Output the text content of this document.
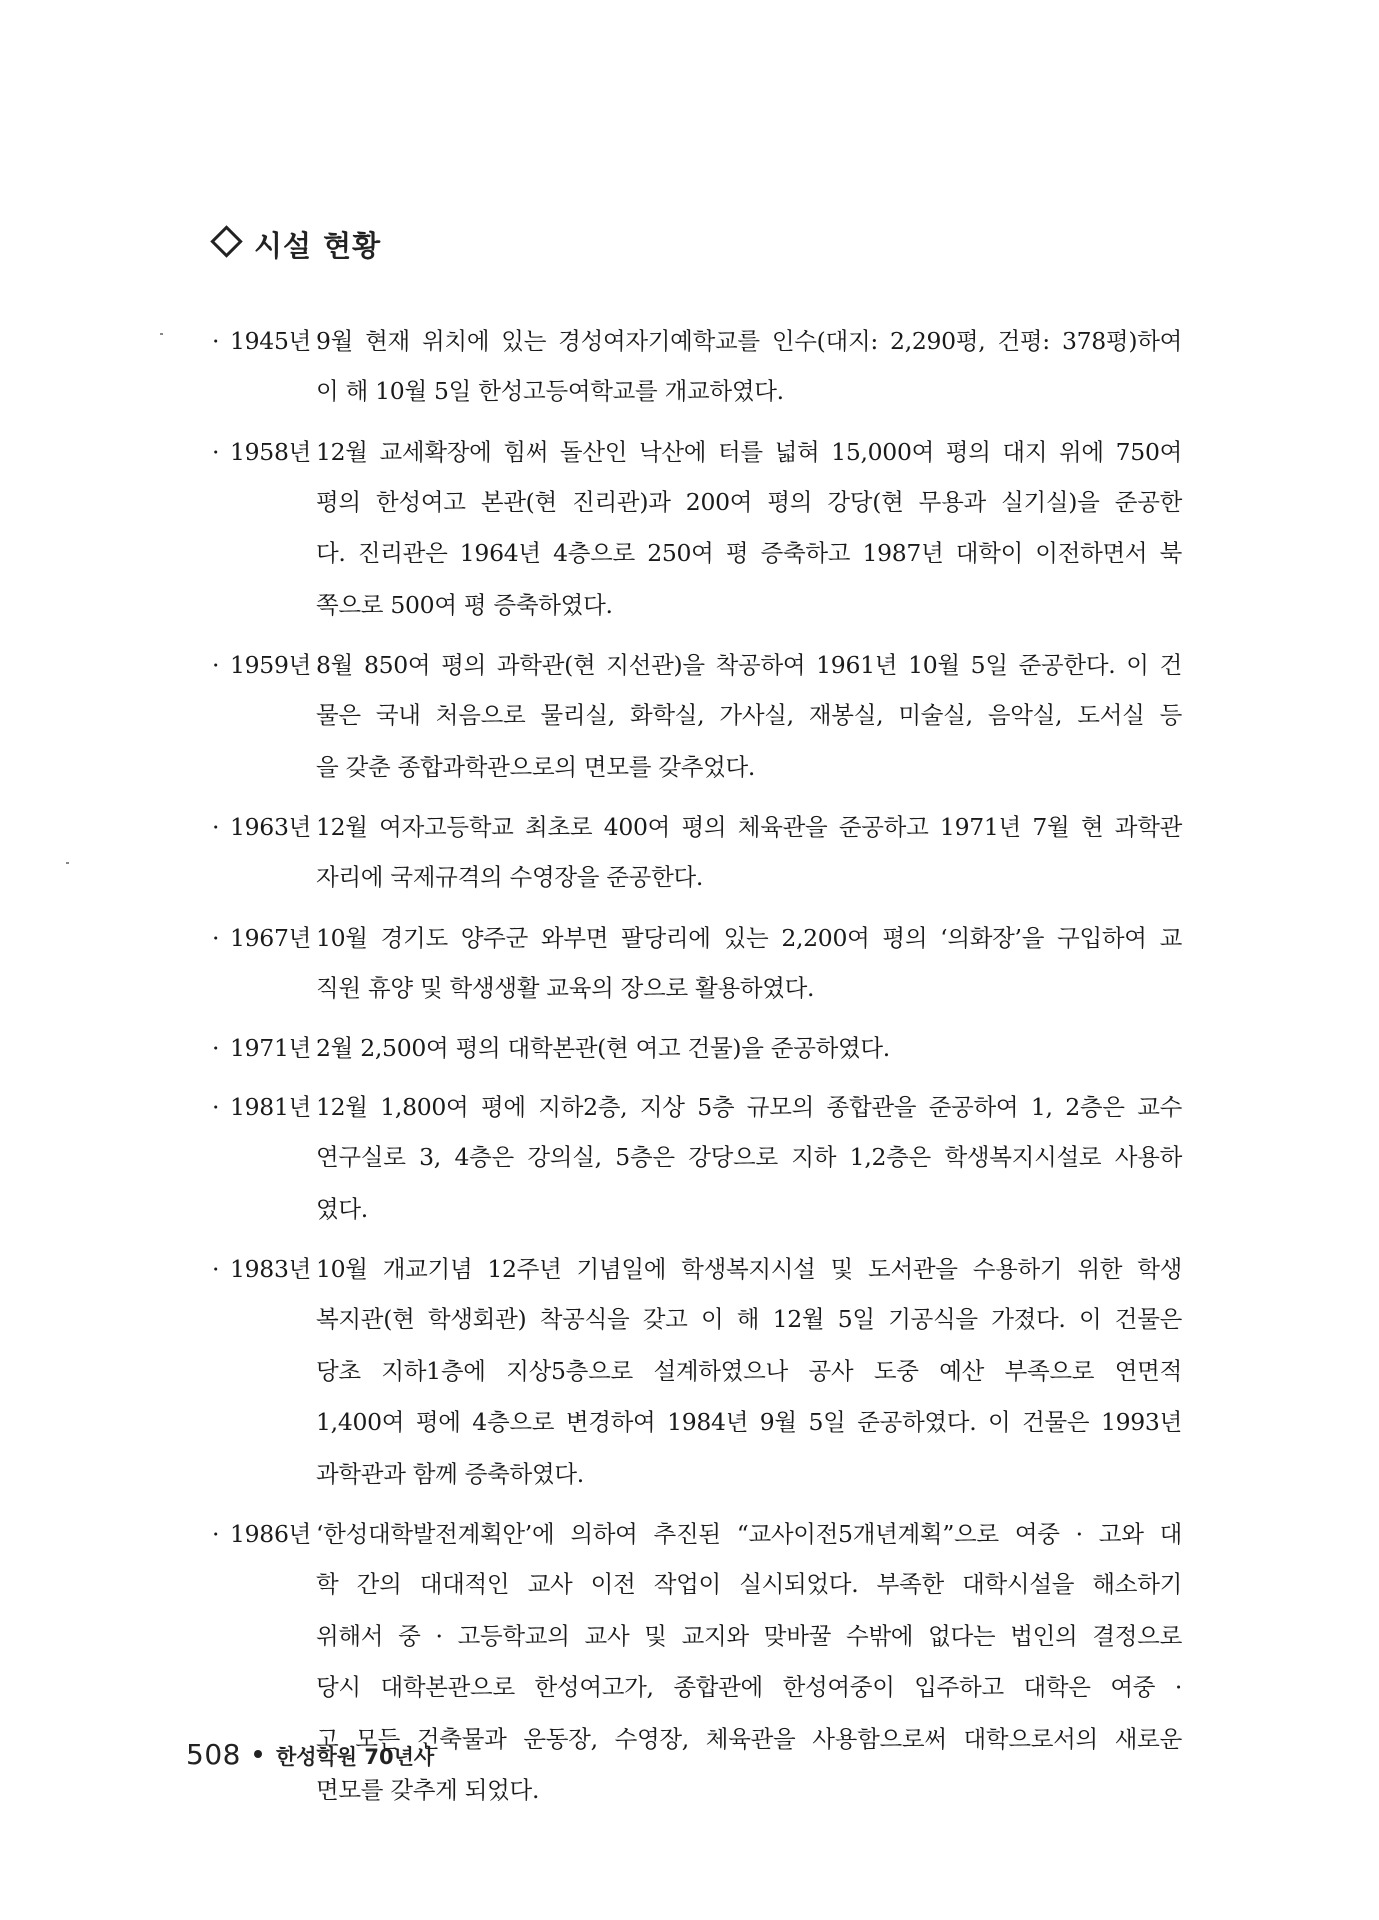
시설 현황
· 1945년 9월 현재 위치에 있는 경성여자기예학교를 인수(대지: 2,290평, 건평: 378평)하여
이 해 10월 5일 한성고등여학교를 개교하였다.
· 1958년 12월 교세확장에 힘써 돌산인 낙산에 터를 넓혀 15,000여 평의 대지 위에 750여
평의 한성여고 본관(현 진리관)과 200여 평의 강당(현 무용과 실기실)을 준공한
다. 진리관은 1964년 4층으로 250여 평 증축하고 1987년 대학이 이전하면서 북
쪽으로 500여 평 증축하였다.
· 1959년 8월 850여 평의 과학관(현 지선관)을 착공하여 1961년 10월 5일 준공한다. 이 건
물은 국내 처음으로 물리실, 화학실, 가사실, 재봉실, 미술실, 음악실, 도서실 등
을 갖춘 종합과학관으로의 면모를 갖추었다.
· 1963년 12월 여자고등학교 최초로 400여 평의 체육관을 준공하고 1971년 7월 현 과학관
자리에 국제규격의 수영장을 준공한다.
· 1967년 10월 경기도 양주군 와부면 팔당리에 있는 2,200여 평의 ‘의화장’을 구입하여 교
직원 휴양 및 학생생활 교육의 장으로 활용하였다.
· 1971년 2월 2,500여 평의 대학본관(현 여고 건물)을 준공하였다.
· 1981년 12월 1,800여 평에 지하2층, 지상 5층 규모의 종합관을 준공하여 1, 2층은 교수
연구실로 3, 4층은 강의실, 5층은 강당으로 지하 1,2층은 학생복지시설로 사용하
였다.
· 1983년 10월 개교기념 12주년 기념일에 학생복지시설 및 도서관을 수용하기 위한 학생
복지관(현 학생회관) 착공식을 갖고 이 해 12월 5일 기공식을 가졌다. 이 건물은
당초 지하1층에 지상5층으로 설계하였으나 공사 도중 예산 부족으로 연면적
1,400여 평에 4층으로 변경하여 1984년 9월 5일 준공하였다. 이 건물은 1993년
과학관과 함께 증축하였다.
· 1986년 ‘한성대학발전계획안’에 의하여 추진된 “교사이전5개년계획”으로 여중 · 고와 대
학 간의 대대적인 교사 이전 작업이 실시되었다. 부족한 대학시설을 해소하기
위해서 중 · 고등학교의 교사 및 교지와 맞바꿀 수밖에 없다는 법인의 결정으로
당시 대학본관으로 한성여고가, 종합관에 한성여중이 입주하고 대학은 여중 ·
고 모든 건축물과 운동장, 수영장, 체육관을 사용함으로써 대학으로서의 새로운
면모를 갖추게 되었다.
508 한성학원 70년사
